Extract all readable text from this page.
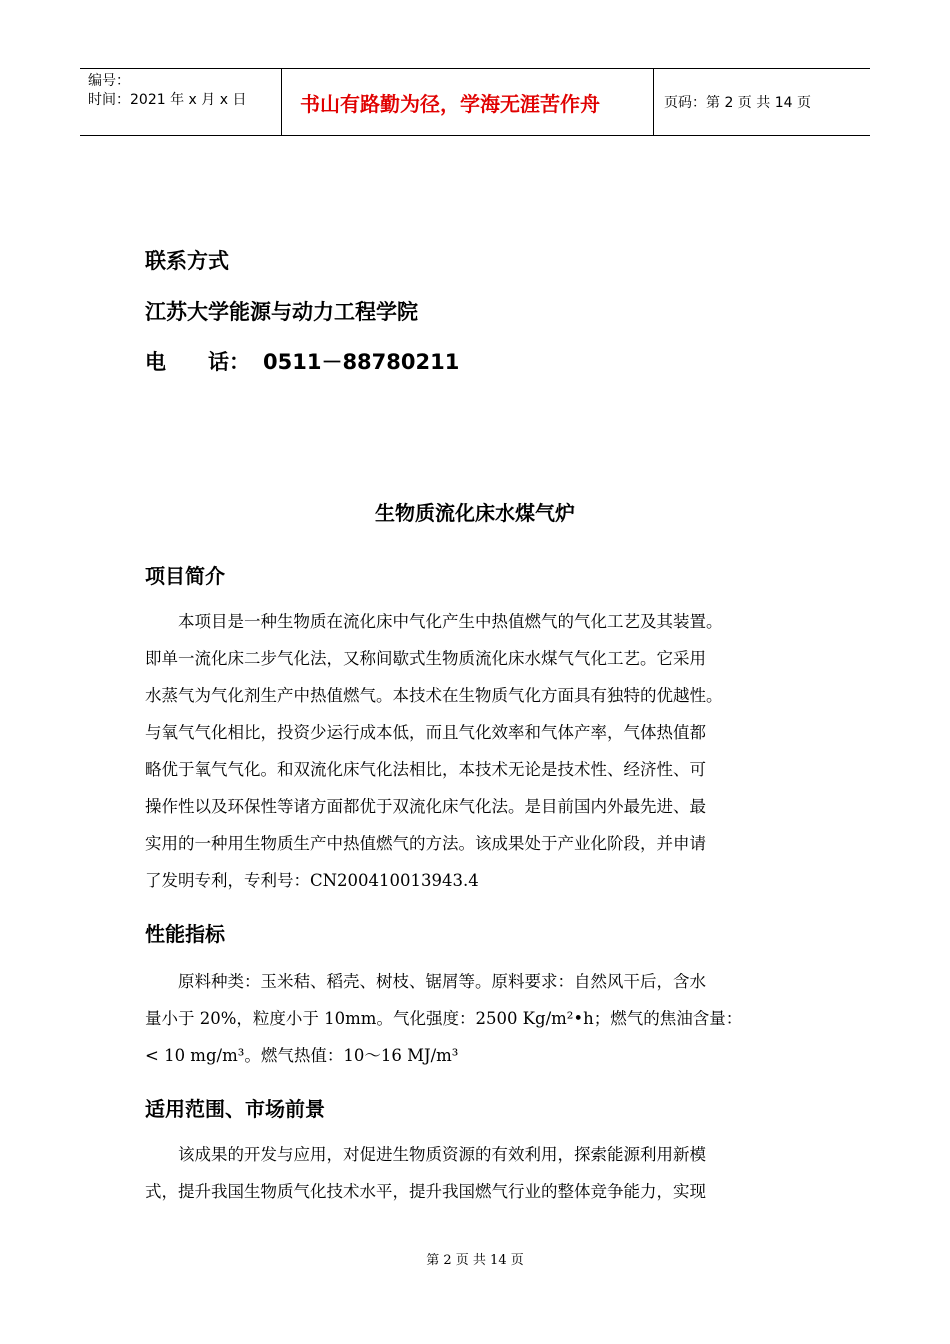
编号：
时间：2021 年 x 月 x 日	书山有路勤为径，学海无涯苦作舟	页码：第 2 页 共 14 页
联系方式
江苏大学能源与动力工程学院
电　　话： 0511－88780211
生物质流化床水煤气炉
项目简介
　　本项目是一种生物质在流化床中气化产生中热值燃气的气化工艺及其装置。
即单一流化床二步气化法，又称间歇式生物质流化床水煤气气化工艺。它采用
水蒸气为气化剂生产中热值燃气。本技术在生物质气化方面具有独特的优越性。
与氧气气化相比，投资少运行成本低，而且气化效率和气体产率，气体热值都
略优于氧气气化。和双流化床气化法相比，本技术无论是技术性、经济性、可
操作性以及环保性等诸方面都优于双流化床气化法。是目前国内外最先进、最
实用的一种用生物质生产中热值燃气的方法。该成果处于产业化阶段，并申请
了发明专利，专利号：CN200410013943.4
性能指标
　　原料种类：玉米秸、稻壳、树枝、锯屑等。原料要求：自然风干后，含水
量小于 20%，粒度小于 10mm。气化强度：2500 Kg/m²•h；燃气的焦油含量：
< 10 mg/m³。燃气热值：10～16 MJ/m³
适用范围、市场前景
　　该成果的开发与应用，对促进生物质资源的有效利用，探索能源利用新模
式，提升我国生物质气化技术水平，提升我国燃气行业的整体竞争能力，实现
第 2 页 共 14 页
